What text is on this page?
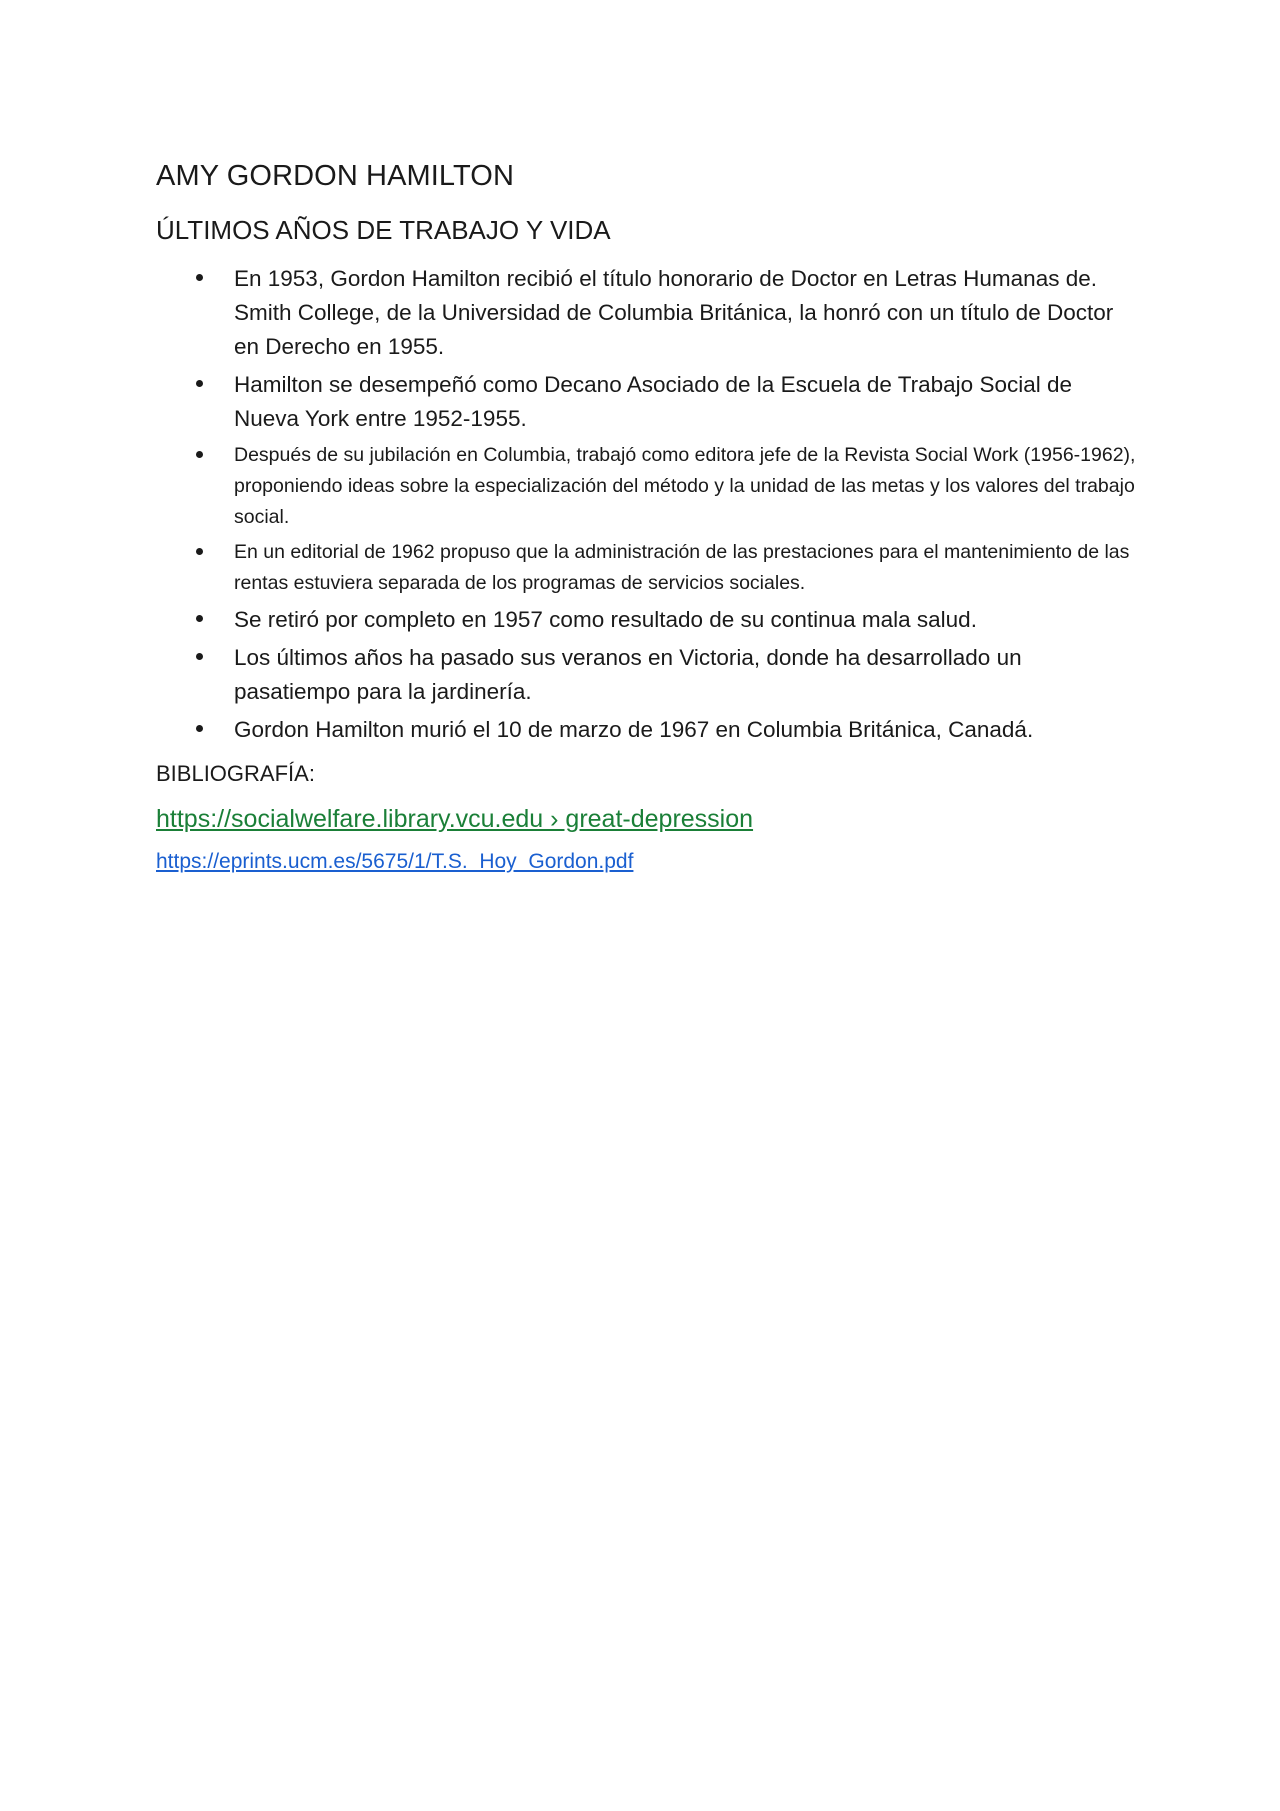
AMY GORDON HAMILTON
ÚLTIMOS AÑOS DE TRABAJO Y VIDA
En 1953, Gordon Hamilton recibió el título honorario de Doctor en Letras Humanas de. Smith College, de la Universidad de Columbia Británica, la honró con un título de Doctor en Derecho en 1955.
Hamilton se desempeñó como Decano Asociado de la Escuela de Trabajo Social de Nueva York entre 1952-1955.
Después de su jubilación en Columbia, trabajó como editora jefe de la Revista Social Work (1956-1962), proponiendo ideas sobre la especialización del método y la unidad de las metas y los valores del trabajo social.
En un editorial de 1962 propuso que la administración de las prestaciones para el mantenimiento de las rentas estuviera separada de los programas de servicios sociales.
Se retiró por completo en 1957 como resultado de su continua mala salud.
Los últimos años ha pasado sus veranos en Victoria, donde ha desarrollado un pasatiempo para la jardinería.
Gordon Hamilton murió el 10 de marzo de 1967 en Columbia Británica, Canadá.

BIBLIOGRAFÍA:

https://socialwelfare.library.vcu.edu › great-depression
https://eprints.ucm.es/5675/1/T.S._Hoy_Gordon.pdf
